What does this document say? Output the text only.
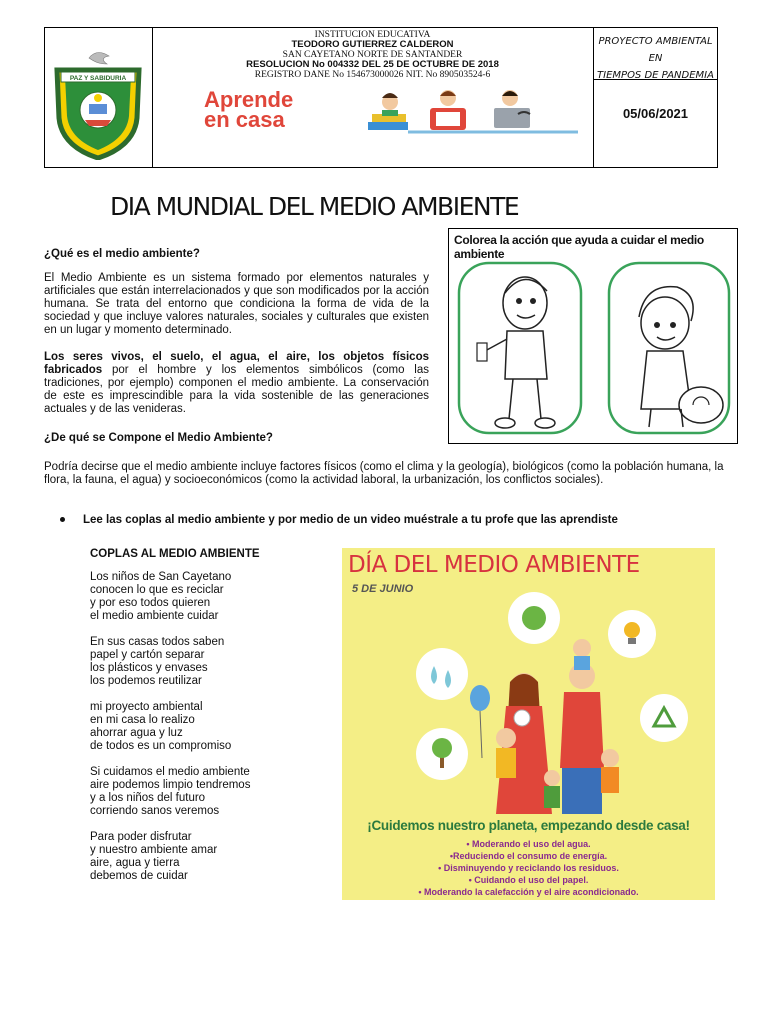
PAZ Y SABIDURIA
INSTITUCION EDUCATIVA
TEODORO GUTIERREZ CALDERON
SAN CAYETANO NORTE DE SANTANDER
RESOLUCION No 004332 DEL 25 DE OCTUBRE DE 2018
REGISTRO DANE No 154673000026 NIT. No 890503524-6
Aprende
en casa
PROYECTO AMBIENTAL EN
TIEMPOS DE PANDEMIA
05/06/2021
DIA MUNDIAL DEL MEDIO AMBIENTE
¿Qué es el medio ambiente?
El Medio Ambiente es un sistema formado por elementos naturales y artificiales que están interrelacionados y que son modificados por la acción humana. Se trata del entorno que condiciona la forma de vida de la sociedad y que incluye valores naturales, sociales y culturales que existen en un lugar y momento determinado.
Los seres vivos, el suelo, el agua, el aire, los objetos físicos fabricados por el hombre y los elementos simbólicos (como las tradiciones, por ejemplo) componen el medio ambiente. La conservación de este es imprescindible para la vida sostenible de las generaciones actuales y de las venideras.
Colorea la acción que ayuda a cuidar el medio ambiente
¿De qué se Compone el Medio Ambiente?
Podría decirse que el medio ambiente incluye factores físicos (como el clima y la geología), biológicos (como la población humana, la flora, la fauna, el agua) y socioeconómicos (como la actividad laboral, la urbanización, los conflictos sociales).
Lee las coplas al medio ambiente y por medio de un video muéstrale a tu profe que las aprendiste
COPLAS AL MEDIO AMBIENTE
Los niños de San Cayetano
conocen lo que es reciclar
y por eso todos quieren
el medio ambiente cuidar
En sus casas todos saben
papel y cartón separar
los plásticos y envases
los podemos reutilizar
mi proyecto ambiental
en mi casa lo realizo
ahorrar agua y luz
de todos es un compromiso
Si cuidamos el medio ambiente
aire podemos limpio tendremos
y a los niños del futuro
corriendo sanos veremos
Para poder disfrutar
y nuestro ambiente amar
aire, agua y tierra
debemos de cuidar
DÍA DEL MEDIO AMBIENTE
5 DE JUNIO
¡Cuidemos nuestro planeta, empezando desde casa!
• Moderando el uso del agua.
•Reduciendo el consumo de energía.
• Disminuyendo y reciclando los residuos.
• Cuidando el uso del papel.
• Moderando la calefacción y el aire acondicionado.
